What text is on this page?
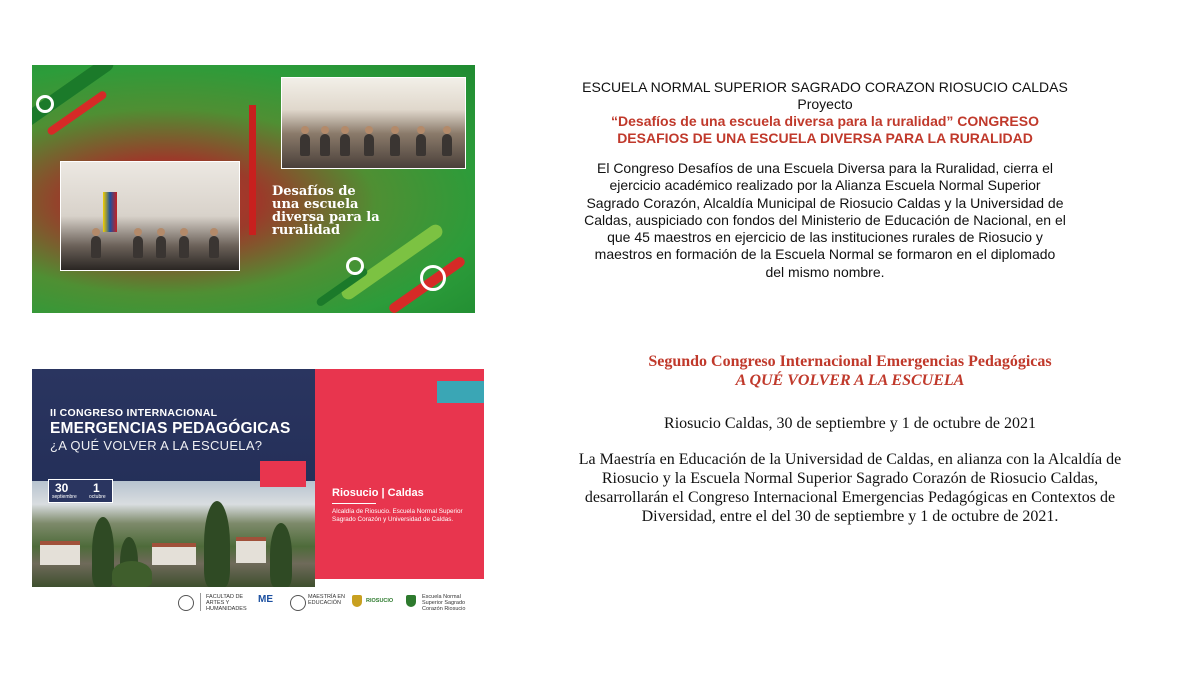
Desafíos de una escuela diversa para la ruralidad

ESCUELA NORMAL SUPERIOR SAGRADO CORAZON RIOSUCIO CALDAS

Proyecto

“Desafíos de una escuela diversa para la ruralidad” CONGRESO

DESAFIOS DE UNA ESCUELA DIVERSA PARA LA RURALIDAD

El Congreso Desafíos de una Escuela Diversa para la Ruralidad, cierra el

ejercicio académico realizado por la Alianza Escuela Normal Superior

Sagrado Corazón, Alcaldía Municipal de Riosucio Caldas y la Universidad de

Caldas, auspiciado con fondos del Ministerio de Educación de Nacional, en el

que 45 maestros en ejercicio de las instituciones rurales de Riosucio y

maestros en formación de la Escuela Normal se formaron en el diplomado

del mismo nombre.

II CONGRESO INTERNACIONAL
EMERGENCIAS PEDAGÓGICAS
¿A QUÉ VOLVER A LA ESCUELA?
30
septiembre
1
octubre	Riosucio | Caldas
Alcaldía de Riosucio. Escuela Normal Superior Sagrado Corazón y Universidad de Caldas.
FACULTAD DE ARTES Y HUMANIDADES
ME	MAESTRÍA EN EDUCACIÓN	RIOSUCIO
Escuela Normal Superior Sagrado Corazón Riosucio

Segundo Congreso Internacional Emergencias Pedagógicas

A QUÉ VOLVER A LA ESCUELA

Riosucio Caldas, 30 de septiembre y 1 de octubre de 2021

La Maestría en Educación de la Universidad de Caldas, en alianza con la Alcaldía de

Riosucio y la Escuela Normal Superior Sagrado Corazón de Riosucio Caldas,

desarrollarán el Congreso Internacional Emergencias Pedagógicas en Contextos de

Diversidad, entre el del 30 de septiembre y 1 de octubre de 2021.
